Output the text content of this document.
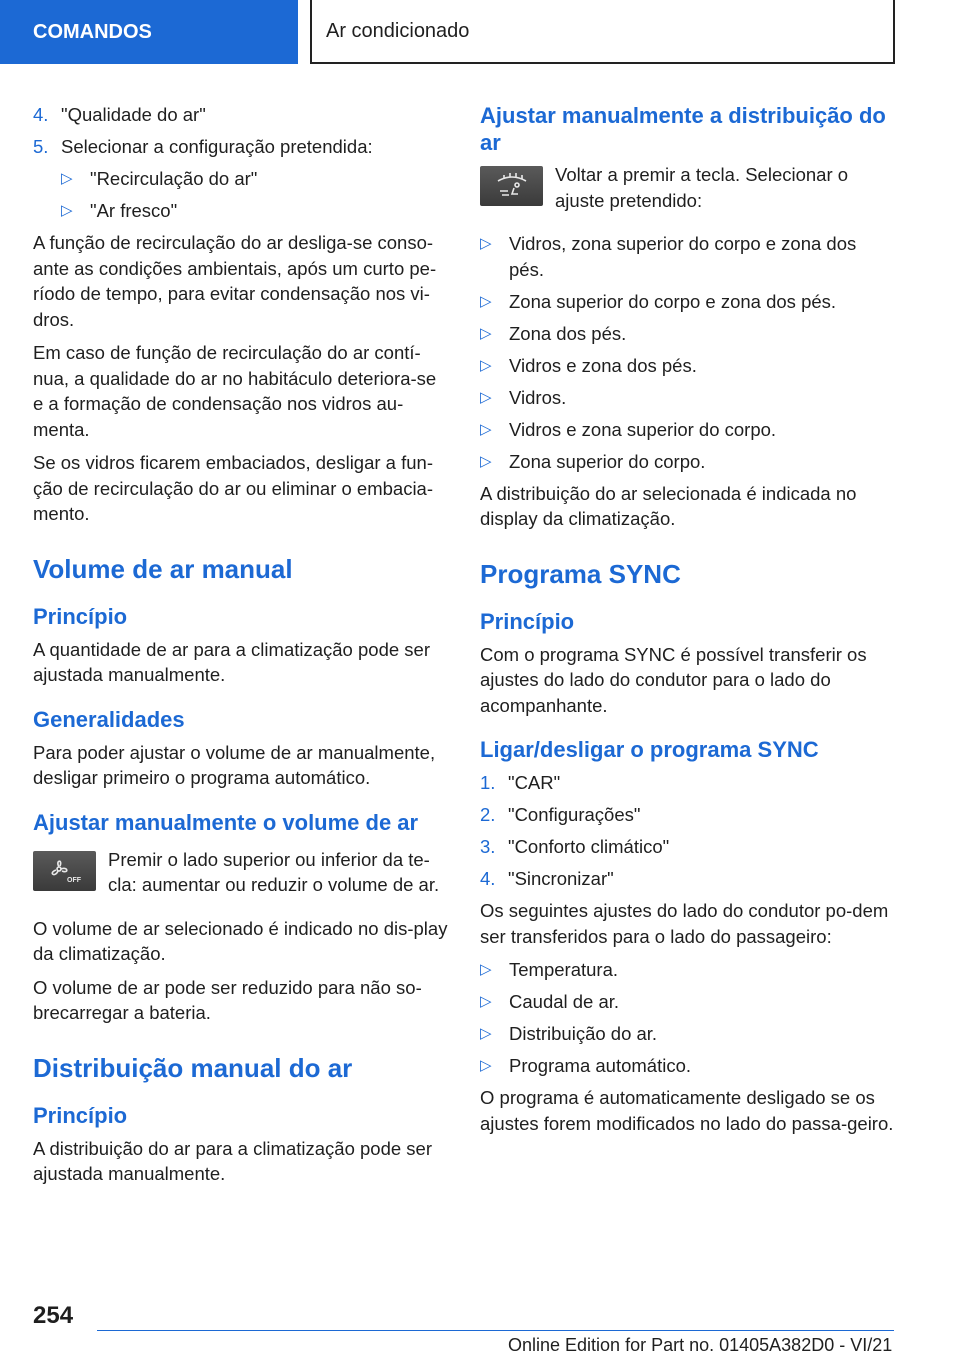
COMANDOS	Ar condicionado
4. "Qualidade do ar"
5. Selecionar a configuração pretendida:
▷ "Recirculação do ar"
▷ "Ar fresco"

A função de recirculação do ar desliga-se conso-ante as condições ambientais, após um curto pe-ríodo de tempo, para evitar condensação nos vi-dros.

Em caso de função de recirculação do ar contí-nua, a qualidade do ar no habitáculo deteriora-se e a formação de condensação nos vidros au-menta.

Se os vidros ficarem embaciados, desligar a fun-ção de recirculação do ar ou eliminar o embacia-mento.

Volume de ar manual
Princípio

A quantidade de ar para a climatização pode ser ajustada manualmente.

Generalidades

Para poder ajustar o volume de ar manualmente, desligar primeiro o programa automático.

Ajustar manualmente o volume de ar
OFF
Premir o lado superior ou inferior da te-cla: aumentar ou reduzir o volume de ar.

O volume de ar selecionado é indicado no dis-play da climatização.

O volume de ar pode ser reduzido para não so-brecarregar a bateria.

Distribuição manual do ar
Princípio

A distribuição do ar para a climatização pode ser ajustada manualmente.

Ajustar manualmente a distribuição do ar
Voltar a premir a tecla. Selecionar o ajuste pretendido:
▷ Vidros, zona superior do corpo e zona dos pés.
▷ Zona superior do corpo e zona dos pés.
▷ Zona dos pés.
▷ Vidros e zona dos pés.
▷ Vidros.
▷ Vidros e zona superior do corpo.
▷ Zona superior do corpo.

A distribuição do ar selecionada é indicada no display da climatização.

Programa SYNC
Princípio

Com o programa SYNC é possível transferir os ajustes do lado do condutor para o lado do acompanhante.

Ligar/desligar o programa SYNC
1. "CAR"
2. "Configurações"
3. "Conforto climático"
4. "Sincronizar"

Os seguintes ajustes do lado do condutor po-dem ser transferidos para o lado do passageiro:

▷ Temperatura.
▷ Caudal de ar.
▷ Distribuição do ar.
▷ Programa automático.

O programa é automaticamente desligado se os ajustes forem modificados no lado do passa-geiro.

254
Online Edition for Part no. 01405A382D0 - VI/21
